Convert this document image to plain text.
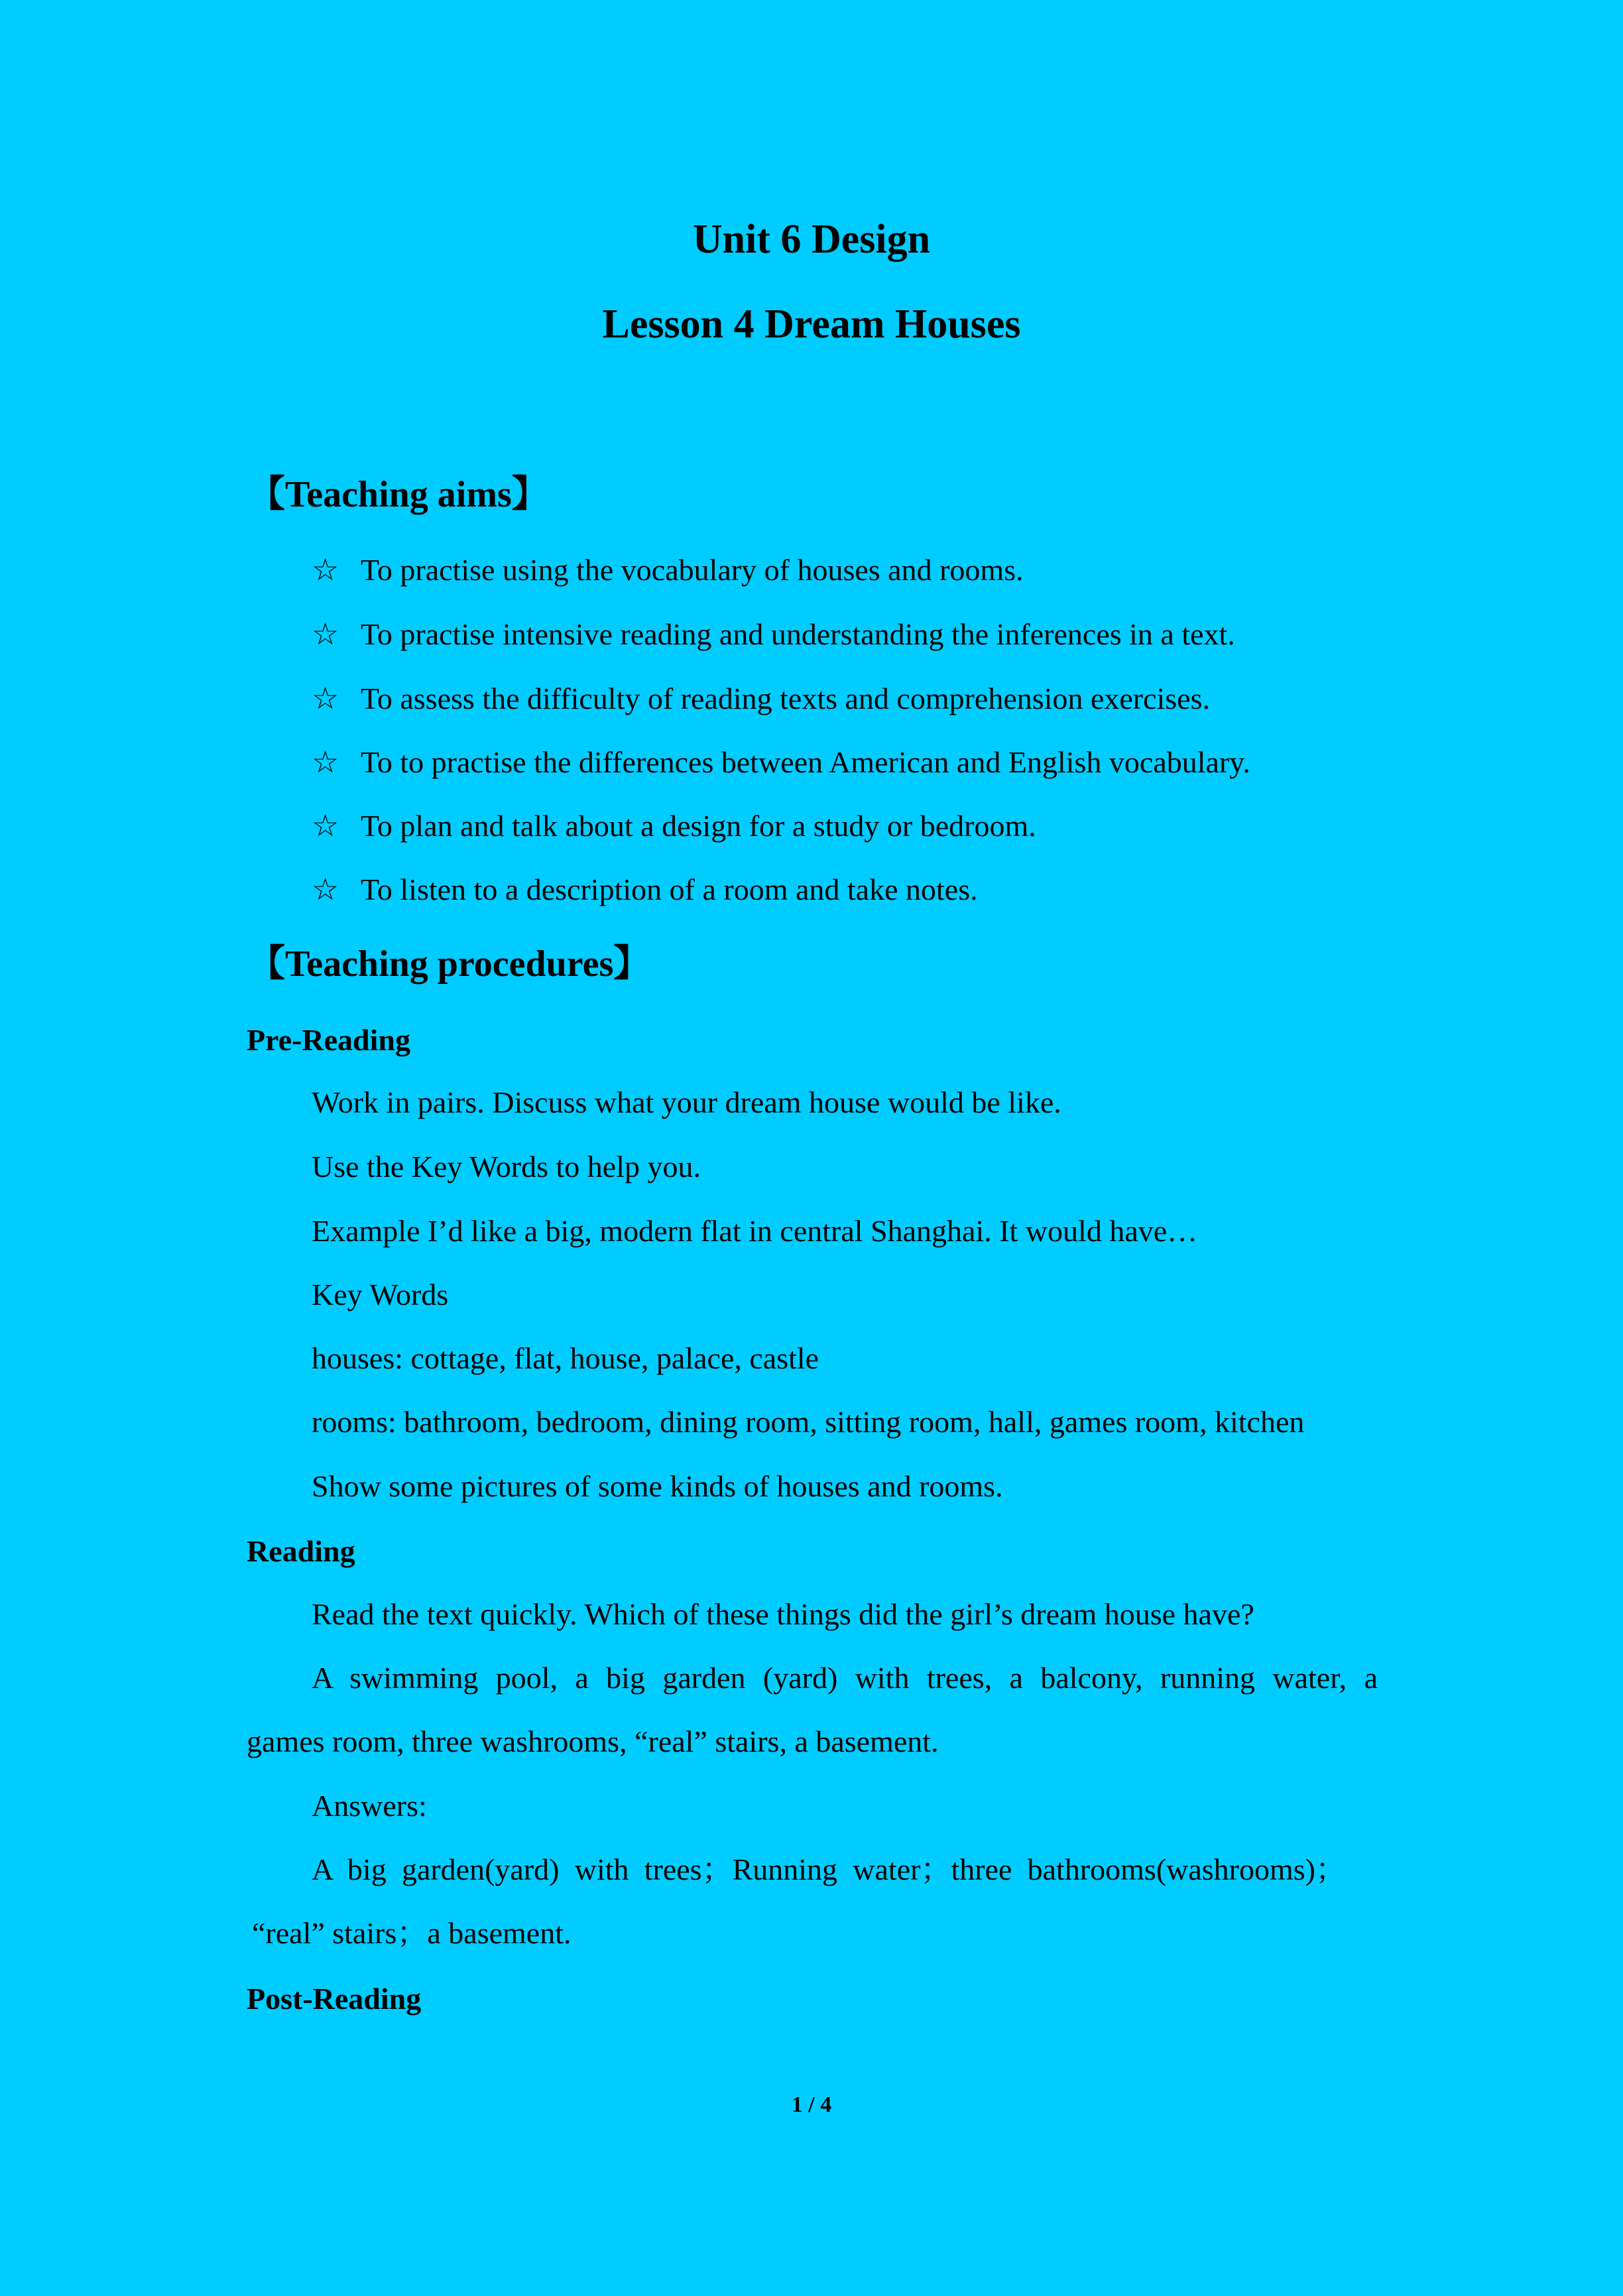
Unit 6 Design
Lesson 4 Dream Houses
【Teaching aims】
☆ To practise using the vocabulary of houses and rooms.
☆ To practise intensive reading and understanding the inferences in a text.
☆ To assess the difficulty of reading texts and comprehension exercises.
☆ To to practise the differences between American and English vocabulary.
☆ To plan and talk about a design for a study or bedroom.
☆ To listen to a description of a room and take notes.
【Teaching procedures】
Pre-Reading

Work in pairs. Discuss what your dream house would be like.

Use the Key Words to help you.

Example I’d like a big, modern flat in central Shanghai. It would have…

Key Words

houses: cottage, flat, house, palace, castle

rooms: bathroom, bedroom, dining room, sitting room, hall, games room, kitchen

Show some pictures of some kinds of houses and rooms.

Reading

Read the text quickly. Which of these things did the girl’s dream house have?

A swimming pool, a big garden (yard) with trees, a balcony, running water, a

games room, three washrooms, “real” stairs, a basement.

Answers:

A big garden(yard) with trees；Running water；three bathrooms(washrooms)；

“real” stairs；a basement.

Post-Reading
1 / 4
